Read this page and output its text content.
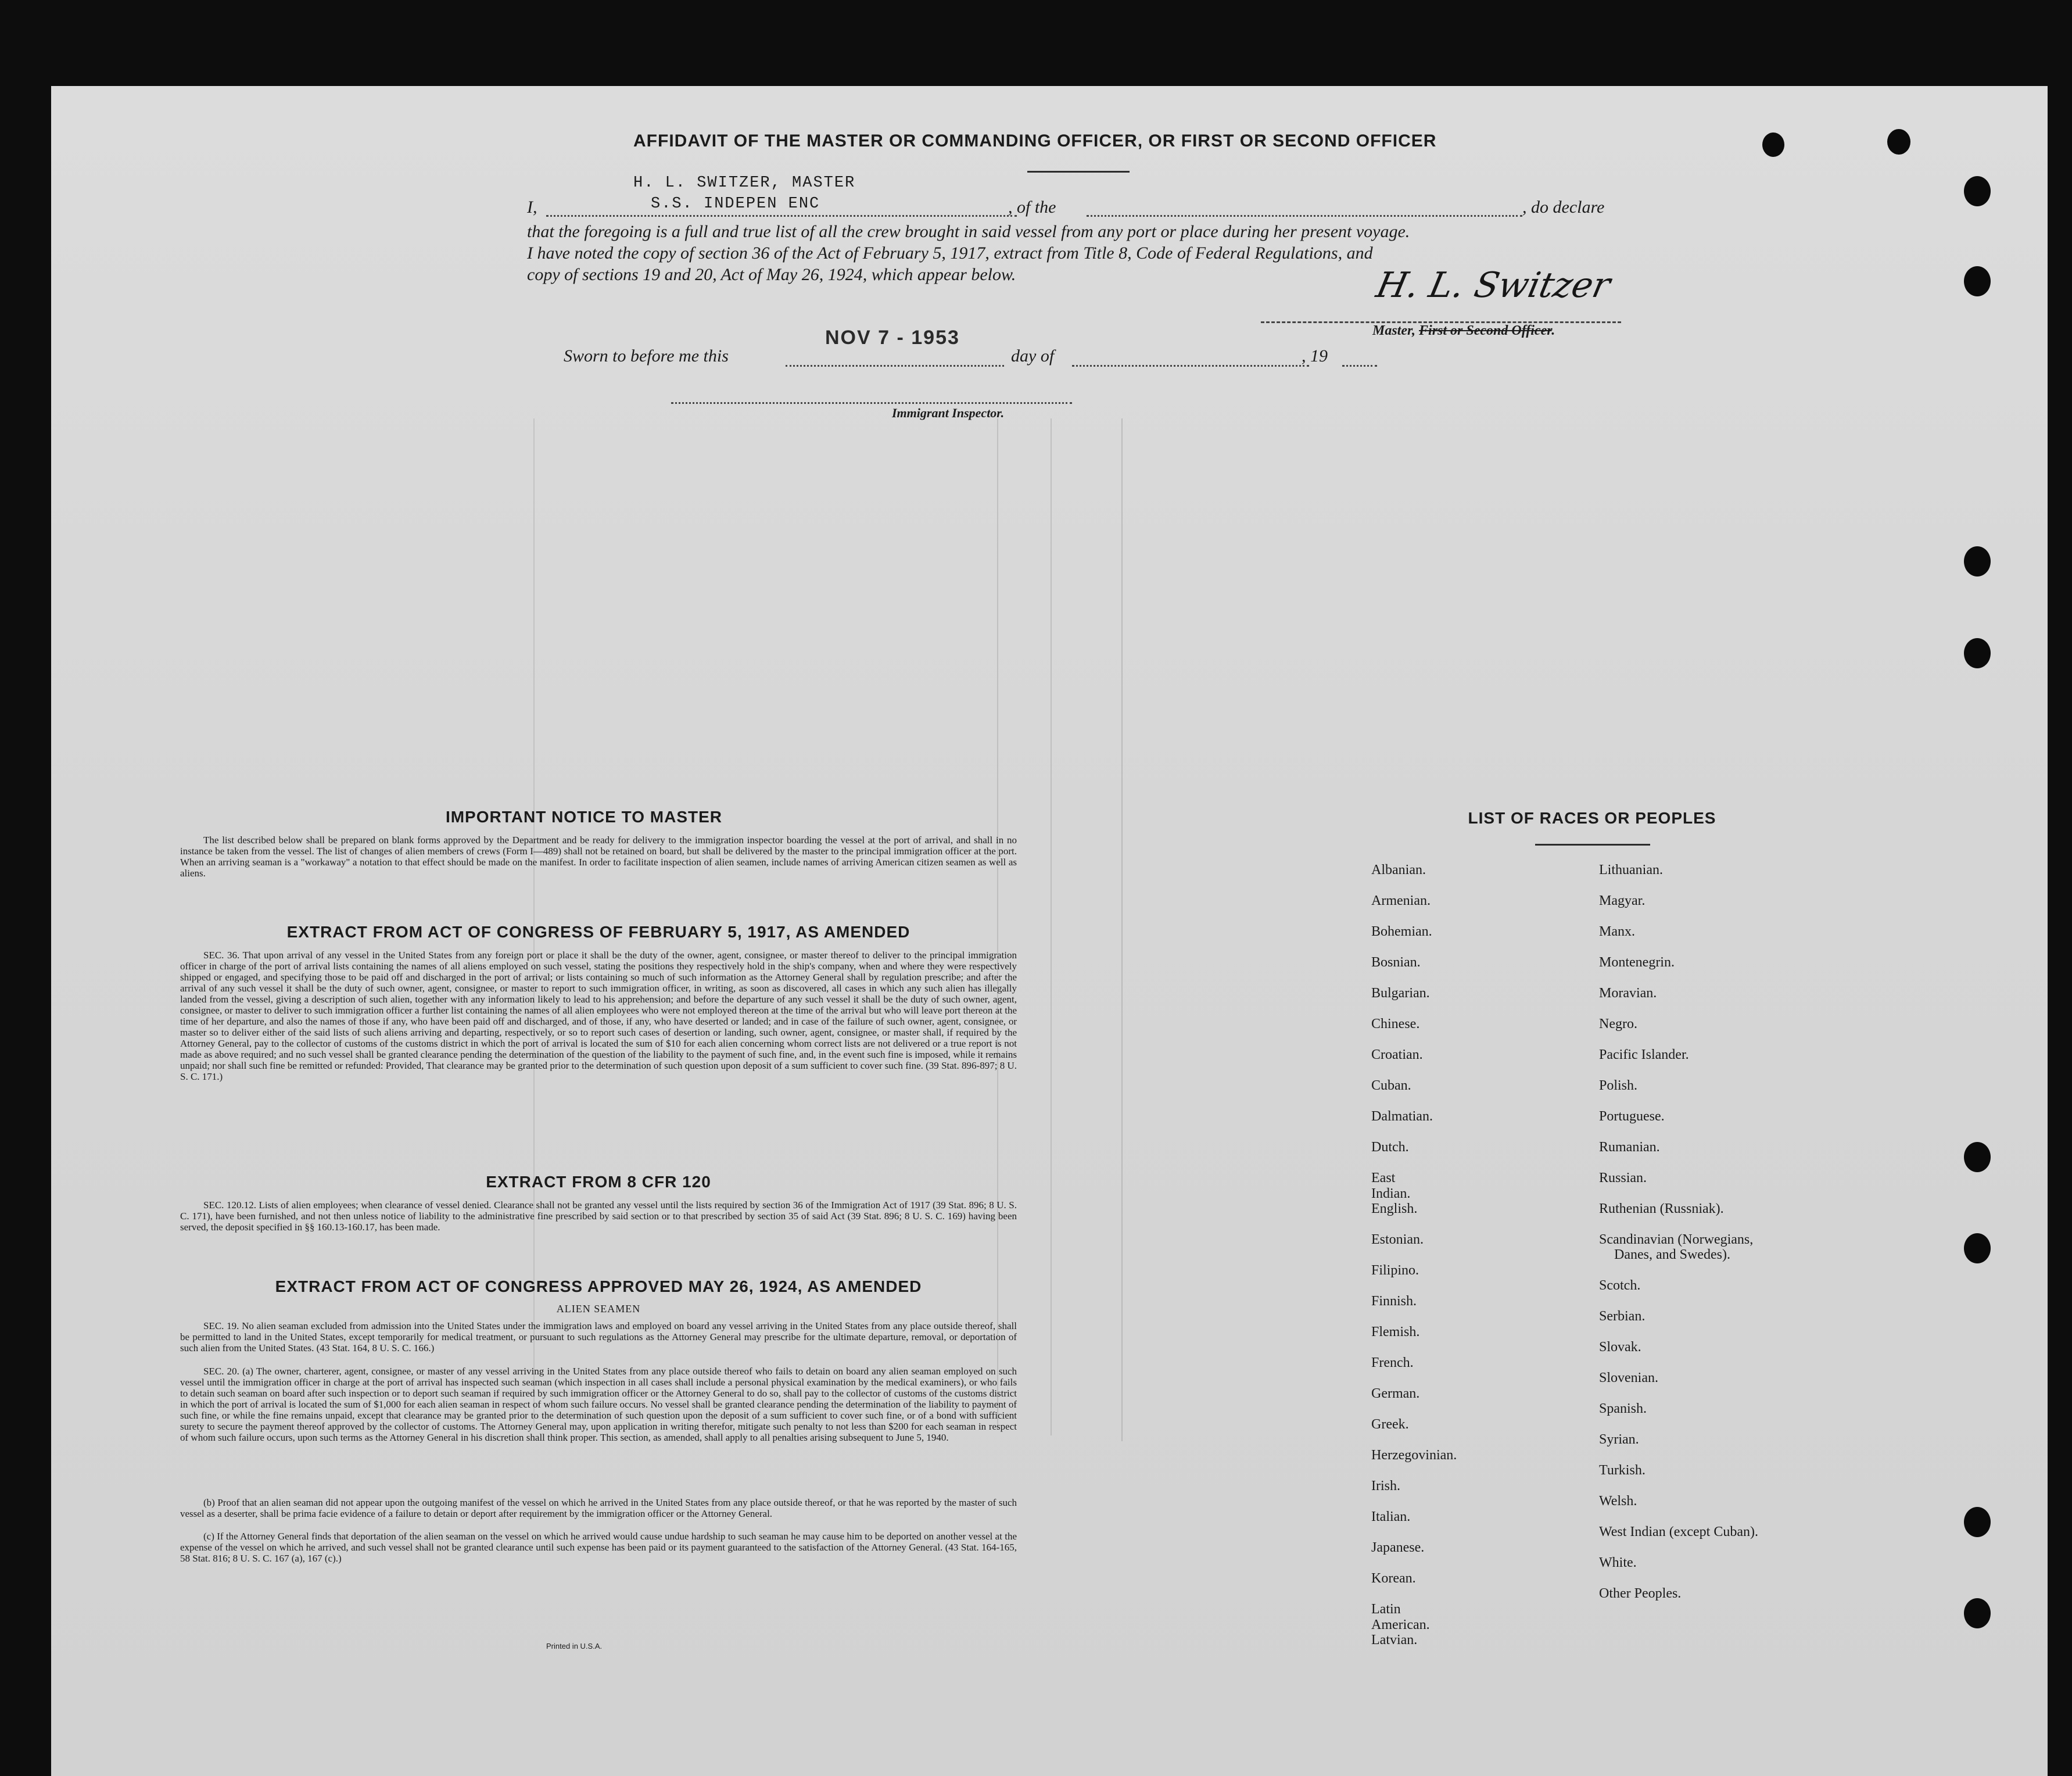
AFFIDAVIT OF THE MASTER OR COMMANDING OFFICER, OR FIRST OR SECOND OFFICER
H. L. SWITZER, MASTER
S.S. INDEPEN ENC
I,	, of the	, do declare
that the foregoing is a full and true list of all the crew brought in said vessel from any port or place during her present voyage.
I have noted the copy of section 36 of the Act of February 5, 1917, extract from Title 8, Code of Federal Regulations, and
copy of sections 19 and 20, Act of May 26, 1924, which appear below.	H. L. Switzer
Master, First or Second Officer.
Sworn to before me this
NOV 7 - 1953
day of	, 19
Immigrant Inspector.
IMPORTANT NOTICE TO MASTER
The list described below shall be prepared on blank forms approved by the Department and be ready for delivery to the immigration inspector boarding the vessel at the port of arrival, and shall in no instance be taken from the vessel. The list of changes of alien members of crews (Form I—489) shall not be retained on board, but shall be delivered by the master to the principal immigration officer at the port. When an arriving seaman is a "workaway" a notation to that effect should be made on the manifest. In order to facilitate inspection of alien seamen, include names of arriving American citizen seamen as well as aliens.
EXTRACT FROM ACT OF CONGRESS OF FEBRUARY 5, 1917, AS AMENDED
SEC. 36. That upon arrival of any vessel in the United States from any foreign port or place it shall be the duty of the owner, agent, consignee, or master thereof to deliver to the principal immigration officer in charge of the port of arrival lists containing the names of all aliens employed on such vessel, stating the positions they respectively hold in the ship's company, when and where they were respectively shipped or engaged, and specifying those to be paid off and discharged in the port of arrival; or lists containing so much of such information as the Attorney General shall by regulation prescribe; and after the arrival of any such vessel it shall be the duty of such owner, agent, consignee, or master to report to such immigration officer, in writing, as soon as discovered, all cases in which any such alien has illegally landed from the vessel, giving a description of such alien, together with any information likely to lead to his apprehension; and before the departure of any such vessel it shall be the duty of such owner, agent, consignee, or master to deliver to such immigration officer a further list containing the names of all alien employees who were not employed thereon at the time of the arrival but who will leave port thereon at the time of her departure, and also the names of those if any, who have been paid off and discharged, and of those, if any, who have deserted or landed; and in case of the failure of such owner, agent, consignee, or master so to deliver either of the said lists of such aliens arriving and departing, respectively, or so to report such cases of desertion or landing, such owner, agent, consignee, or master shall, if required by the Attorney General, pay to the collector of customs of the customs district in which the port of arrival is located the sum of $10 for each alien concerning whom correct lists are not delivered or a true report is not made as above required; and no such vessel shall be granted clearance pending the determination of the question of the liability to the payment of such fine, and, in the event such fine is imposed, while it remains unpaid; nor shall such fine be remitted or refunded: Provided, That clearance may be granted prior to the determination of such question upon deposit of a sum sufficient to cover such fine. (39 Stat. 896-897; 8 U. S. C. 171.)
EXTRACT FROM 8 CFR 120
SEC. 120.12. Lists of alien employees; when clearance of vessel denied. Clearance shall not be granted any vessel until the lists required by section 36 of the Immigration Act of 1917 (39 Stat. 896; 8 U. S. C. 171), have been furnished, and not then unless notice of liability to the administrative fine prescribed by said section or to that prescribed by section 35 of said Act (39 Stat. 896; 8 U. S. C. 169) having been served, the deposit specified in §§ 160.13-160.17, has been made.
EXTRACT FROM ACT OF CONGRESS APPROVED MAY 26, 1924, AS AMENDED
ALIEN SEAMEN
SEC. 19. No alien seaman excluded from admission into the United States under the immigration laws and employed on board any vessel arriving in the United States from any place outside thereof, shall be permitted to land in the United States, except temporarily for medical treatment, or pursuant to such regulations as the Attorney General may prescribe for the ultimate departure, removal, or deportation of such alien from the United States. (43 Stat. 164, 8 U. S. C. 166.)
SEC. 20. (a) The owner, charterer, agent, consignee, or master of any vessel arriving in the United States from any place outside thereof who fails to detain on board any alien seaman employed on such vessel until the immigration officer in charge at the port of arrival has inspected such seaman (which inspection in all cases shall include a personal physical examination by the medical examiners), or who fails to detain such seaman on board after such inspection or to deport such seaman if required by such immigration officer or the Attorney General to do so, shall pay to the collector of customs of the customs district in which the port of arrival is located the sum of $1,000 for each alien seaman in respect of whom such failure occurs. No vessel shall be granted clearance pending the determination of the liability to payment of such fine, or while the fine remains unpaid, except that clearance may be granted prior to the determination of such question upon the deposit of a sum sufficient to cover such fine, or of a bond with sufficient surety to secure the payment thereof approved by the collector of customs. The Attorney General may, upon application in writing therefor, mitigate such penalty to not less than $200 for each seaman in respect of whom such failure occurs, upon such terms as the Attorney General in his discretion shall think proper. This section, as amended, shall apply to all penalties arising subsequent to June 5, 1940.
(b) Proof that an alien seaman did not appear upon the outgoing manifest of the vessel on which he arrived in the United States from any place outside thereof, or that he was reported by the master of such vessel as a deserter, shall be prima facie evidence of a failure to detain or deport after requirement by the immigration officer or the Attorney General.
(c) If the Attorney General finds that deportation of the alien seaman on the vessel on which he arrived would cause undue hardship to such seaman he may cause him to be deported on another vessel at the expense of the vessel on which he arrived, and such vessel shall not be granted clearance until such expense has been paid or its payment guaranteed to the satisfaction of the Attorney General. (43 Stat. 164-165, 58 Stat. 816; 8 U. S. C. 167 (a), 167 (c).)
Printed in U.S.A.
LIST OF RACES OR PEOPLES
Albanian.
Armenian.
Bohemian.
Bosnian.
Bulgarian.
Chinese.
Croatian.
Cuban.
Dalmatian.
Dutch.
East Indian.
English.
Estonian.
Filipino.
Finnish.
Flemish.
French.
German.
Greek.
Herzegovinian.
Irish.
Italian.
Japanese.
Korean.
Latin American.
Latvian.
Lithuanian.
Magyar.
Manx.
Montenegrin.
Moravian.
Negro.
Pacific Islander.
Polish.
Portuguese.
Rumanian.
Russian.
Ruthenian (Russniak).
Scandinavian (Norwegians,
Danes, and Swedes).
Scotch.
Serbian.
Slovak.
Slovenian.
Spanish.
Syrian.
Turkish.
Welsh.
West Indian (except Cuban).
White.
Other Peoples.
